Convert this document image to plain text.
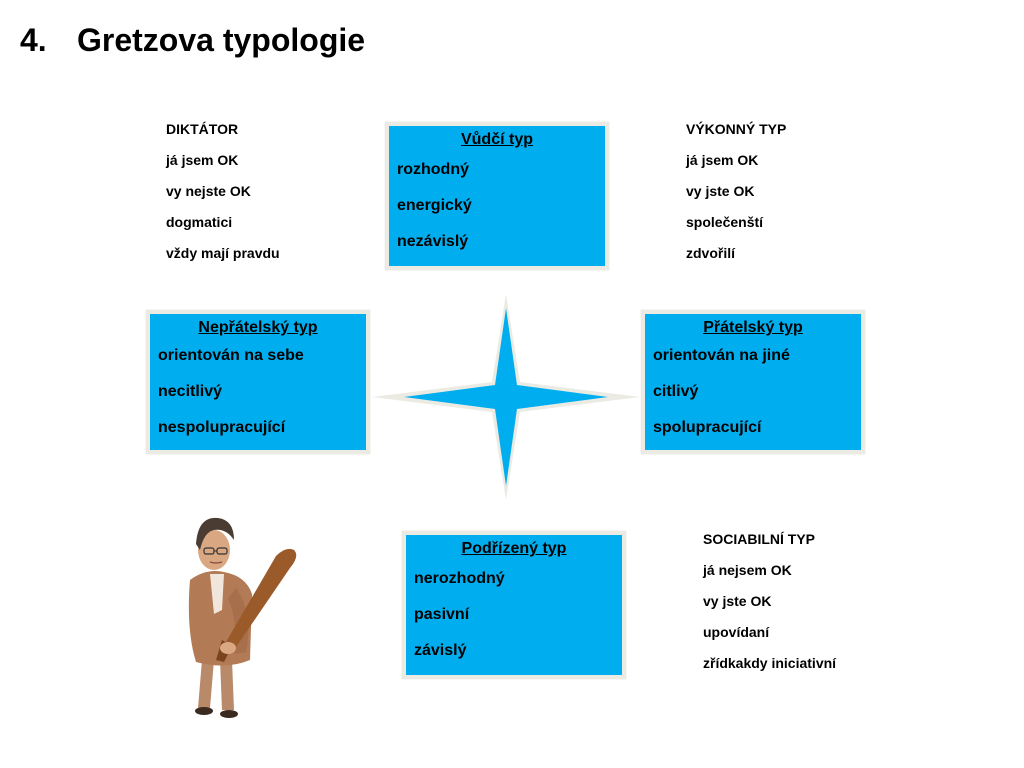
4. Gretzova typologie
DIKTÁTOR
já jsem OK
vy nejste OK
dogmatici
vždy mají pravdu
VÝKONNÝ TYP
já jsem OK
vy jste OK
společenští
zdvořilí
SOCIABILNÍ TYP
já nejsem OK
vy jste OK
upovídaní
zřídkakdy iniciativní
Vůdčí typ
rozhodný
energický
nezávislý
Nepřátelský typ
orientován na sebe
necitlivý
nespolupracující
Přátelský typ
orientován na jiné
citlivý
spolupracující
Podřízený typ
nerozhodný
pasivní
závislý
